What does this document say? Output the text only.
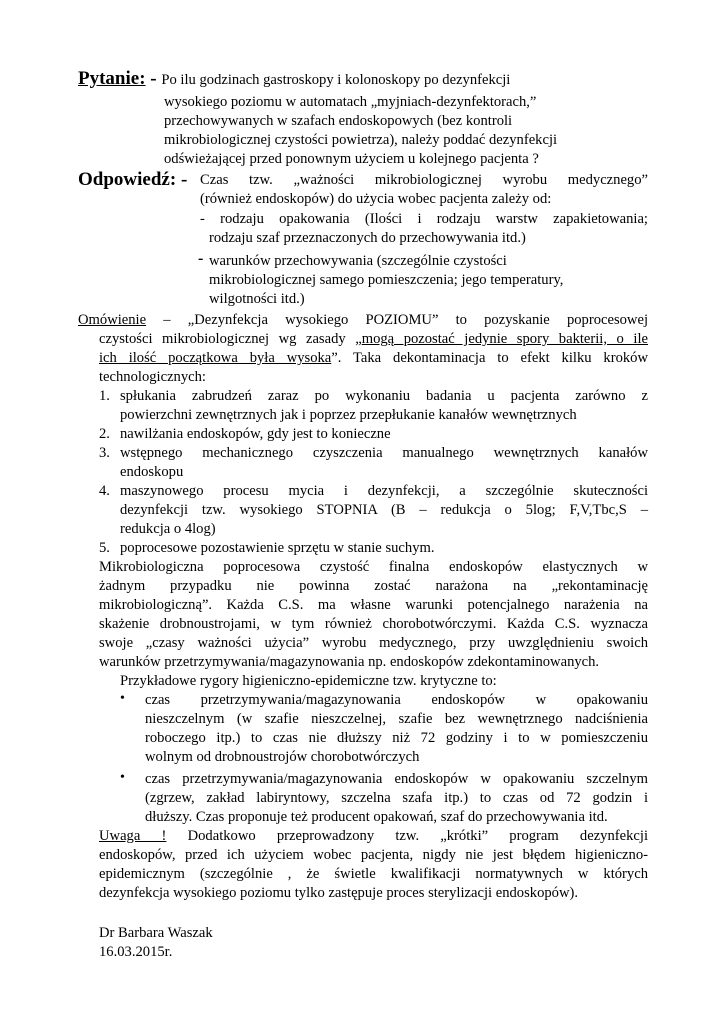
Pytanie: - Po ilu godzinach gastroskopy i kolonoskopy po dezynfekcji
wysokiego poziomu w automatach „myjniach-dezynfektorach,”
przechowywanych w szafach endoskopowych (bez kontroli
mikrobiologicznej czystości powietrza), należy poddać dezynfekcji
odświeżającej przed ponownym użyciem u kolejnego pacjenta ?
Odpowiedź: - Czas tzw. „ważności mikrobiologicznej wyrobu medycznego”
(również endoskopów) do użycia wobec pacjenta zależy od:
- rodzaju opakowania (Ilości i rodzaju warstw zapakietowania;
rodzaju szaf przeznaczonych do przechowywania itd.)
- warunków przechowywania (szczególnie czystości
mikrobiologicznej samego pomieszczenia; jego temperatury,
wilgotności itd.)
Omówienie – „Dezynfekcja wysokiego POZIOMU” to pozyskanie poprocesowej
czystości mikrobiologicznej wg zasady „mogą pozostać jedynie spory bakterii, o ile
ich ilość początkowa była wysoka”. Taka dekontaminacja to efekt kilku kroków
technologicznych:
1. spłukania zabrudzeń zaraz po wykonaniu badania u pacjenta zarówno z
powierzchni zewnętrznych jak i poprzez przepłukanie kanałów wewnętrznych
2. nawilżania endoskopów, gdy jest to konieczne
3. wstępnego mechanicznego czyszczenia manualnego wewnętrznych kanałów
endoskopu
4. maszynowego procesu mycia i dezynfekcji, a szczególnie skuteczności
dezynfekcji tzw. wysokiego STOPNIA (B – redukcja o 5log; F,V,Tbc,S –
redukcja o 4log)
5. poprocesowe pozostawienie sprzętu w stanie suchym.
Mikrobiologiczna poprocesowa czystość finalna endoskopów elastycznych w
żadnym przypadku nie powinna zostać narażona na „rekontaminację
mikrobiologiczną”. Każda C.S. ma własne warunki potencjalnego narażenia na
skażenie drobnoustrojami, w tym również chorobotwórczymi. Każda C.S. wyznacza
swoje „czasy ważności użycia” wyrobu medycznego, przy uwzględnieniu swoich
warunków przetrzymywania/magazynowania np. endoskopów zdekontaminowanych.
Przykładowe rygory higieniczno-epidemiczne tzw. krytyczne to:
• czas przetrzymywania/magazynowania endoskopów w opakowaniu
nieszczelnym (w szafie nieszczelnej, szafie bez wewnętrznego nadciśnienia
roboczego itp.) to czas nie dłuższy niż 72 godziny i to w pomieszczeniu
wolnym od drobnoustrojów chorobotwórczych
• czas przetrzymywania/magazynowania endoskopów w opakowaniu szczelnym
(zgrzew, zakład labiryntowy, szczelna szafa itp.) to czas od 72 godzin i
dłuższy. Czas proponuje też producent opakowań, szaf do przechowywania itd.
Uwaga ! Dodatkowo przeprowadzony tzw. „krótki” program dezynfekcji
endoskopów, przed ich użyciem wobec pacjenta, nigdy nie jest błędem higieniczno-
epidemicznym (szczególnie , że świetle kwalifikacji normatywnych w których
dezynfekcja wysokiego poziomu tylko zastępuje proces sterylizacji endoskopów).
Dr Barbara Waszak
16.03.2015r.
